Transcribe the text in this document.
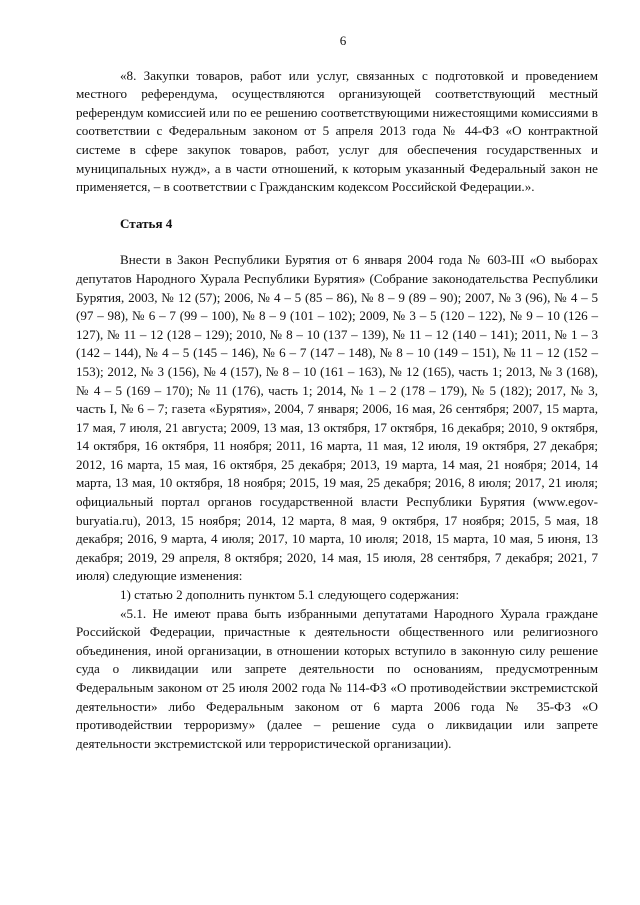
6

«8. Закупки товаров, работ или услуг, связанных с подготовкой и проведением местного референдума, осуществляются организующей соответствующий местный референдум комиссией или по ее решению соответствующими нижестоящими комиссиями в соответствии с Федеральным законом от 5 апреля 2013 года № 44-ФЗ «О контрактной системе в сфере закупок товаров, работ, услуг для обеспечения государственных и муниципальных нужд», а в части отношений, к которым указанный Федеральный закон не применяется, – в соответствии с Гражданским кодексом Российской Федерации.».

Статья 4

Внести в Закон Республики Бурятия от 6 января 2004 года № 603-III «О выборах депутатов Народного Хурала Республики Бурятия» (Собрание законодательства Республики Бурятия, 2003, № 12 (57); 2006, № 4 – 5 (85 – 86), № 8 – 9 (89 – 90); 2007, № 3 (96), № 4 – 5 (97 – 98), № 6 – 7 (99 – 100), № 8 – 9 (101 – 102); 2009, № 3 – 5 (120 – 122), № 9 – 10 (126 – 127), № 11 – 12 (128 – 129); 2010, № 8 – 10 (137 – 139), № 11 – 12 (140 – 141); 2011, № 1 – 3 (142 – 144), № 4 – 5 (145 – 146), № 6 – 7 (147 – 148), № 8 – 10 (149 – 151), № 11 – 12 (152 – 153); 2012, № 3 (156), № 4 (157), № 8 – 10 (161 – 163), № 12 (165), часть 1; 2013, № 3 (168), № 4 – 5 (169 – 170); № 11 (176), часть 1; 2014, № 1 – 2 (178 – 179), № 5 (182); 2017, № 3, часть I, № 6 – 7; газета «Бурятия», 2004, 7 января; 2006, 16 мая, 26 сентября; 2007, 15 марта, 17 мая, 7 июля, 21 августа; 2009, 13 мая, 13 октября, 17 октября, 16 декабря; 2010, 9 октября, 14 октября, 16 октября, 11 ноября; 2011, 16 марта, 11 мая, 12 июля, 19 октября, 27 декабря; 2012, 16 марта, 15 мая, 16 октября, 25 декабря; 2013, 19 марта, 14 мая, 21 ноября; 2014, 14 марта, 13 мая, 10 октября, 18 ноября; 2015, 19 мая, 25 декабря; 2016, 8 июля; 2017, 21 июля; официальный портал органов государственной власти Республики Бурятия (www.egov-buryatia.ru), 2013, 15 ноября; 2014, 12 марта, 8 мая, 9 октября, 17 ноября; 2015, 5 мая, 18 декабря; 2016, 9 марта, 4 июля; 2017, 10 марта, 10 июля; 2018, 15 марта, 10 мая, 5 июня, 13 декабря; 2019, 29 апреля, 8 октября; 2020, 14 мая, 15 июля, 28 сентября, 7 декабря; 2021, 7 июля) следующие изменения:

1) статью 2 дополнить пунктом 5.1 следующего содержания:

«5.1. Не имеют права быть избранными депутатами Народного Хурала граждане Российской Федерации, причастные к деятельности общественного или религиозного объединения, иной организации, в отношении которых вступило в законную силу решение суда о ликвидации или запрете деятельности по основаниям, предусмотренным Федеральным законом от 25 июля 2002 года № 114-ФЗ «О противодействии экстремистской деятельности» либо Федеральным законом от 6 марта 2006 года № 35-ФЗ «О противодействии терроризму» (далее – решение суда о ликвидации или запрете деятельности экстремистской или террористической организации).
